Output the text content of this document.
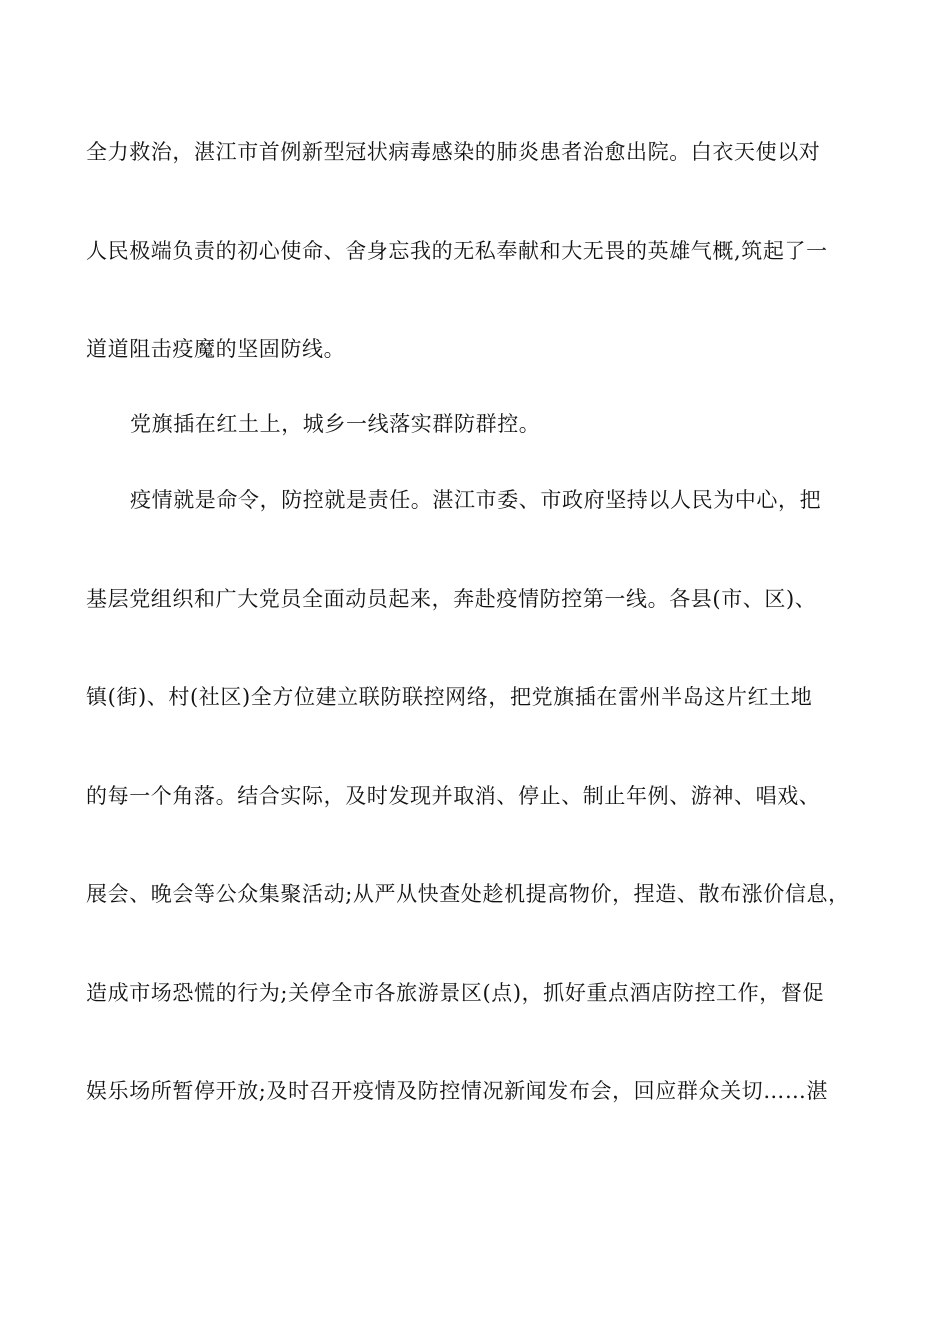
全力救治，湛江市首例新型冠状病毒感染的肺炎患者治愈出院。白衣天使以对
人民极端负责的初心使命、舍身忘我的无私奉献和大无畏的英雄气概,筑起了一
道道阻击疫魔的坚固防线。
党旗插在红土上，城乡一线落实群防群控。
疫情就是命令，防控就是责任。湛江市委、市政府坚持以人民为中心，把
基层党组织和广大党员全面动员起来，奔赴疫情防控第一线。各县(市、区)、
镇(街)、村(社区)全方位建立联防联控网络，把党旗插在雷州半岛这片红土地
的每一个角落。结合实际，及时发现并取消、停止、制止年例、游神、唱戏、
展会、晚会等公众集聚活动;从严从快查处趁机提高物价，捏造、散布涨价信息，
造成市场恐慌的行为;关停全市各旅游景区(点)，抓好重点酒店防控工作，督促
娱乐场所暂停开放;及时召开疫情及防控情况新闻发布会，回应群众关切……湛
